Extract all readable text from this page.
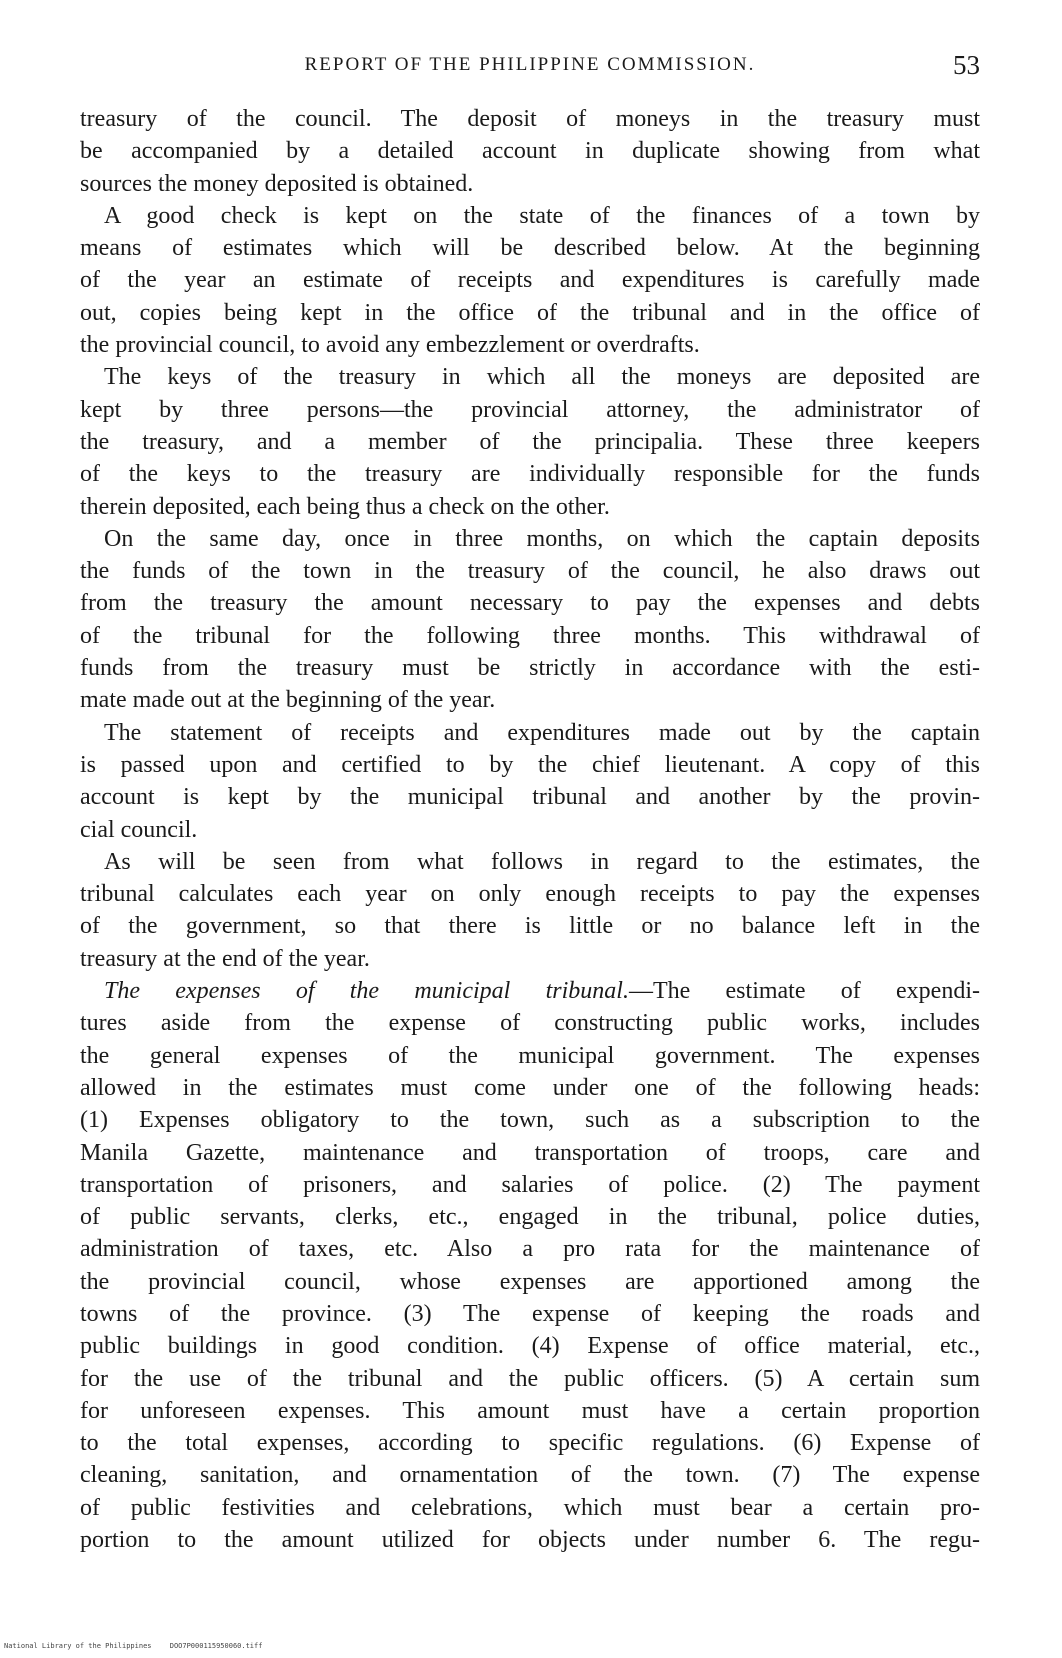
REPORT OF THE PHILIPPINE COMMISSION.	53
treasury of the council. The deposit of moneys in the treasury must
be accompanied by a detailed account in duplicate showing from what
sources the money deposited is obtained.
A good check is kept on the state of the finances of a town by
means of estimates which will be described below. At the beginning
of the year an estimate of receipts and expenditures is carefully made
out, copies being kept in the office of the tribunal and in the office of
the provincial council, to avoid any embezzlement or overdrafts.
The keys of the treasury in which all the moneys are deposited are
kept by three persons—the provincial attorney, the administrator of
the treasury, and a member of the principalia. These three keepers
of the keys to the treasury are individually responsible for the funds
therein deposited, each being thus a check on the other.
On the same day, once in three months, on which the captain deposits
the funds of the town in the treasury of the council, he also draws out
from the treasury the amount necessary to pay the expenses and debts
of the tribunal for the following three months. This withdrawal of
funds from the treasury must be strictly in accordance with the esti-
mate made out at the beginning of the year.
The statement of receipts and expenditures made out by the captain
is passed upon and certified to by the chief lieutenant. A copy of this
account is kept by the municipal tribunal and another by the provin-
cial council.
As will be seen from what follows in regard to the estimates, the
tribunal calculates each year on only enough receipts to pay the expenses
of the government, so that there is little or no balance left in the
treasury at the end of the year.
The expenses of the municipal tribunal.—The estimate of expendi-
tures aside from the expense of constructing public works, includes
the general expenses of the municipal government. The expenses
allowed in the estimates must come under one of the following heads:
(1) Expenses obligatory to the town, such as a subscription to the
Manila Gazette, maintenance and transportation of troops, care and
transportation of prisoners, and salaries of police. (2) The payment
of public servants, clerks, etc., engaged in the tribunal, police duties,
administration of taxes, etc. Also a pro rata for the maintenance of
the provincial council, whose expenses are apportioned among the
towns of the province. (3) The expense of keeping the roads and
public buildings in good condition. (4) Expense of office material, etc.,
for the use of the tribunal and the public officers. (5) A certain sum
for unforeseen expenses. This amount must have a certain proportion
to the total expenses, according to specific regulations. (6) Expense of
cleaning, sanitation, and ornamentation of the town. (7) The expense
of public festivities and celebrations, which must bear a certain pro-
portion to the amount utilized for objects under number 6. The regu-
National Library of the Philippines	DOO7P000115950060.tiff
